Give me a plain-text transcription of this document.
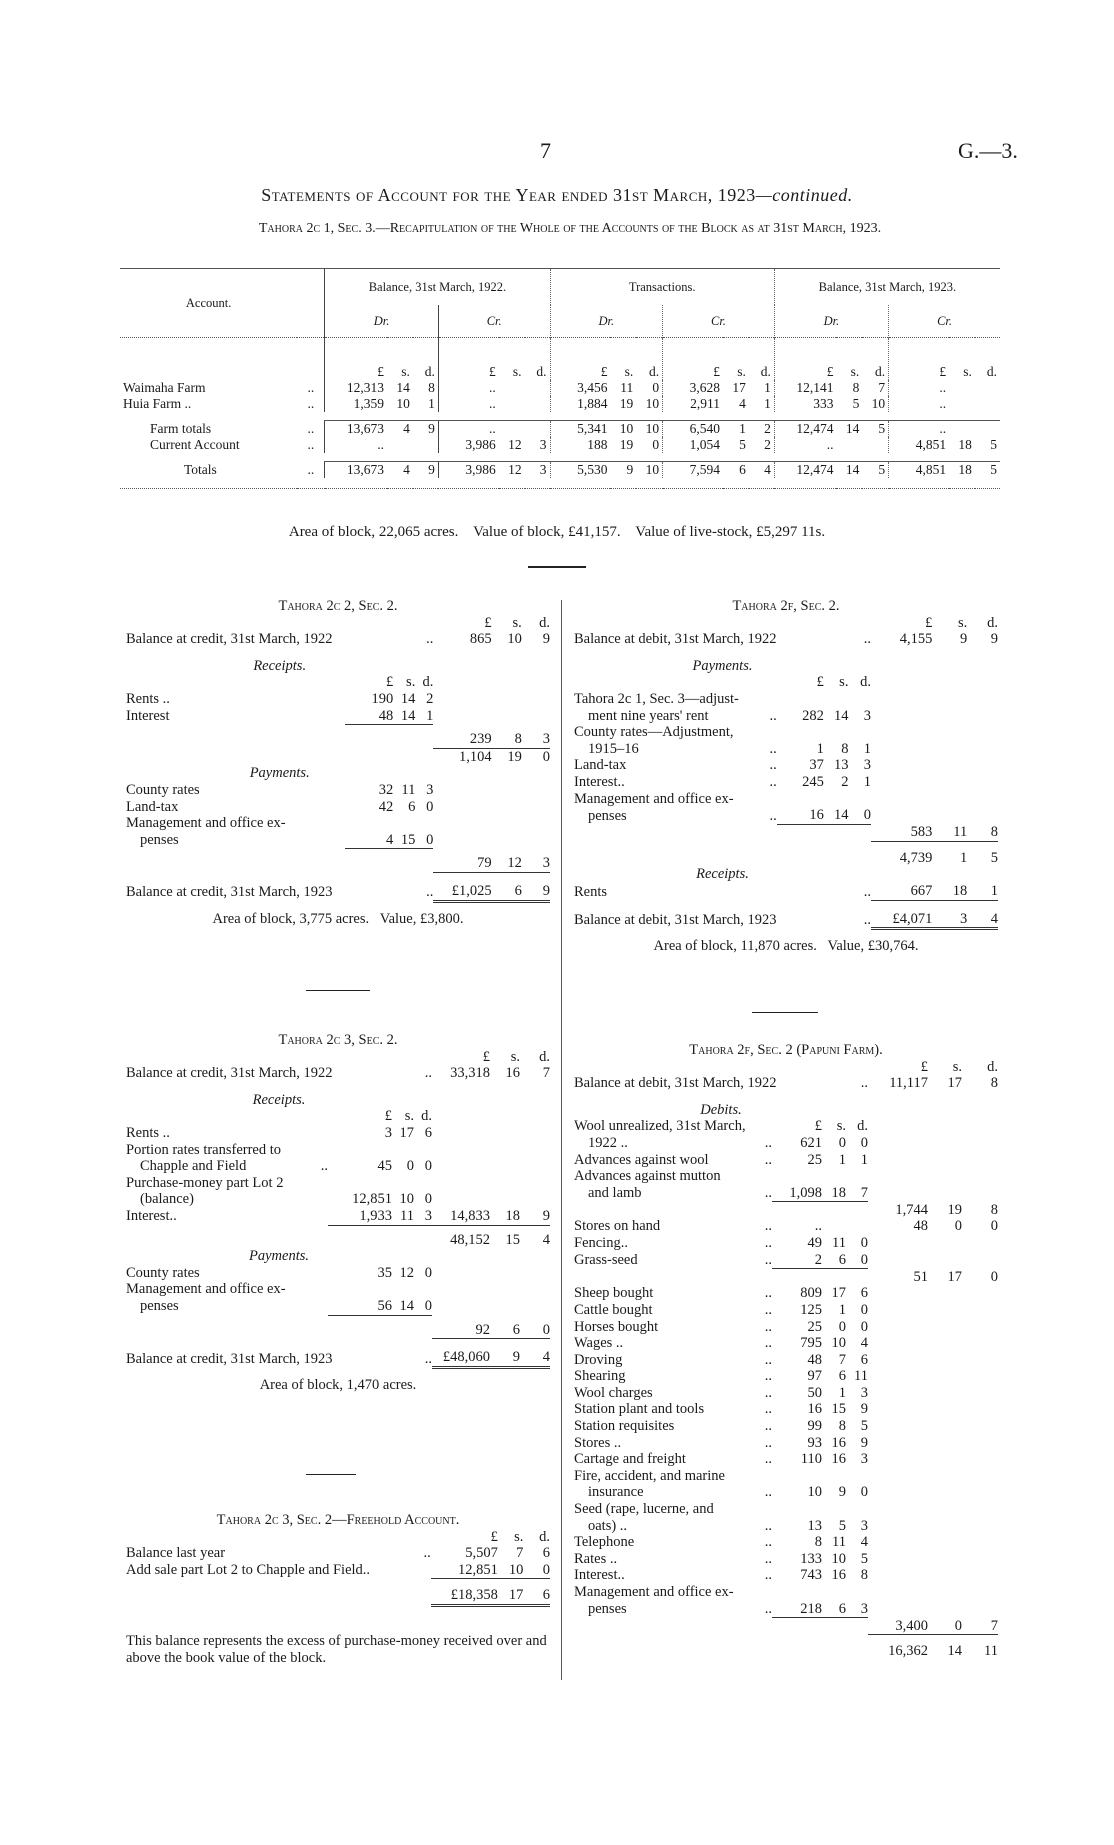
7	G.—3.
Statements of Account for the Year ended 31st March, 1923—continued.
Tahora 2c 1, Sec. 3.—Recapitulation of the Whole of the Accounts of the Block as at 31st March, 1923.
Account.		Balance, 31st March, 1922.						Transactions.						Balance, 31st March, 1923.					
		Dr.			Cr.			Dr.			Cr.			Dr.			Cr.		
		£	s.	d.	£	s.	d.	£	s.	d.	£	s.	d.	£	s.	d.	£	s.	d.
Waimaha Farm	..	12,313	14	8	..			3,456	11	0	3,628	17	1	12,141	8	7	..		
Huia Farm ..	..	1,359	10	1	..			1,884	19	10	2,911	4	1	333	5	10	..		

Farm totals	..	13,673	4	9	..			5,341	10	10	6,540	1	2	12,474	14	5	..		
Current Account	..	..			3,986	12	3	188	19	0	1,054	5	2	..			4,851	18	5

Totals	..	13,673	4	9	3,986	12	3	5,530	9	10	7,594	6	4	12,474	14	5	4,851	18	5

Area of block, 22,065 acres.    Value of block, £41,157.    Value of live-stock, £5,297 11s.
Tahora 2c 2, Sec. 2.
					£	s.	d.
Balance at credit, 31st March, 1922				..	865	10	9

Receipts.							
		£	s.	d.			
Rents ..		190	14	2			
Interest		48	14	1			

					239	8	3
					1,104	19	0
Payments.							
County rates		32	11	3			
Land-tax		42	6	0			
Management and office ex-							
penses		4	15	0			

					79	12	3

Balance at credit, 31st March, 1923				..	£1,025	6	9

Area of block, 3,775 acres.   Value, £3,800.							
Tahora 2c 3, Sec. 2.
					£	s.	d.
Balance at credit, 31st March, 1922				..	33,318	16	7

Receipts.							
		£	s.	d.			
Rents ..		3	17	6			
Portion rates transferred to							
Chapple and Field	..	45	0	0			
Purchase-money part Lot 2							
(balance)		12,851	10	0			
Interest..		1,933	11	3	14,833	18	9

					48,152	15	4
Payments.							
County rates		35	12	0			
Management and office ex-							
penses		56	14	0			

					92	6	0

Balance at credit, 31st March, 1923				..	£48,060	9	4

Area of block, 1,470 acres.							
Tahora 2c 3, Sec. 2—Freehold Account.
	£	s.	d.
Balance last year ..	5,507	7	6
Add sale part Lot 2 to Chapple and Field..	12,851	10	0

	£18,358	17	6
This balance represents the excess of purchase-money received over and above the book value of the block.
Tahora 2f, Sec. 2.
					£	s.	d.
Balance at debit, 31st March, 1922				..	4,155	9	9

Payments.							
		£	s.	d.			
Tahora 2c 1, Sec. 3—adjust-							
ment nine years' rent	..	282	14	3			
County rates—Adjustment,							
1915–16	..	1	8	1			
Land-tax	..	37	13	3			
Interest..	..	245	2	1			
Management and office ex-							
penses	..	16	14	0			
					583	11	8

					4,739	1	5
Receipts.							
Rents				..	667	18	1

Balance at debit, 31st March, 1923				..	£4,071	3	4

Area of block, 11,870 acres.   Value, £30,764.							
Tahora 2f, Sec. 2 (Papuni Farm).
					£	s.	d.
Balance at debit, 31st March, 1922				..	11,117	17	8

Debits.							
Wool unrealized, 31st March,		£	s.	d.			
1922 ..	..	621	0	0			
Advances against wool	..	25	1	1			
Advances against mutton							
and lamb	..	1,098	18	7			
					1,744	19	8
Stores on hand	..	..			48	0	0
Fencing..	..	49	11	0			
Grass-seed	..	2	6	0			
					51	17	0
Sheep bought	..	809	17	6			
Cattle bought	..	125	1	0			
Horses bought	..	25	0	0			
Wages ..	..	795	10	4			
Droving	..	48	7	6			
Shearing	..	97	6	11			
Wool charges	..	50	1	3			
Station plant and tools	..	16	15	9			
Station requisites	..	99	8	5			
Stores ..	..	93	16	9			
Cartage and freight	..	110	16	3			
Fire, accident, and marine							
insurance	..	10	9	0			
Seed (rape, lucerne, and							
oats) ..	..	13	5	3			
Telephone	..	8	11	4			
Rates ..	..	133	10	5			
Interest..	..	743	16	8			
Management and office ex-							
penses	..	218	6	3			
					3,400	0	7

					16,362	14	11
